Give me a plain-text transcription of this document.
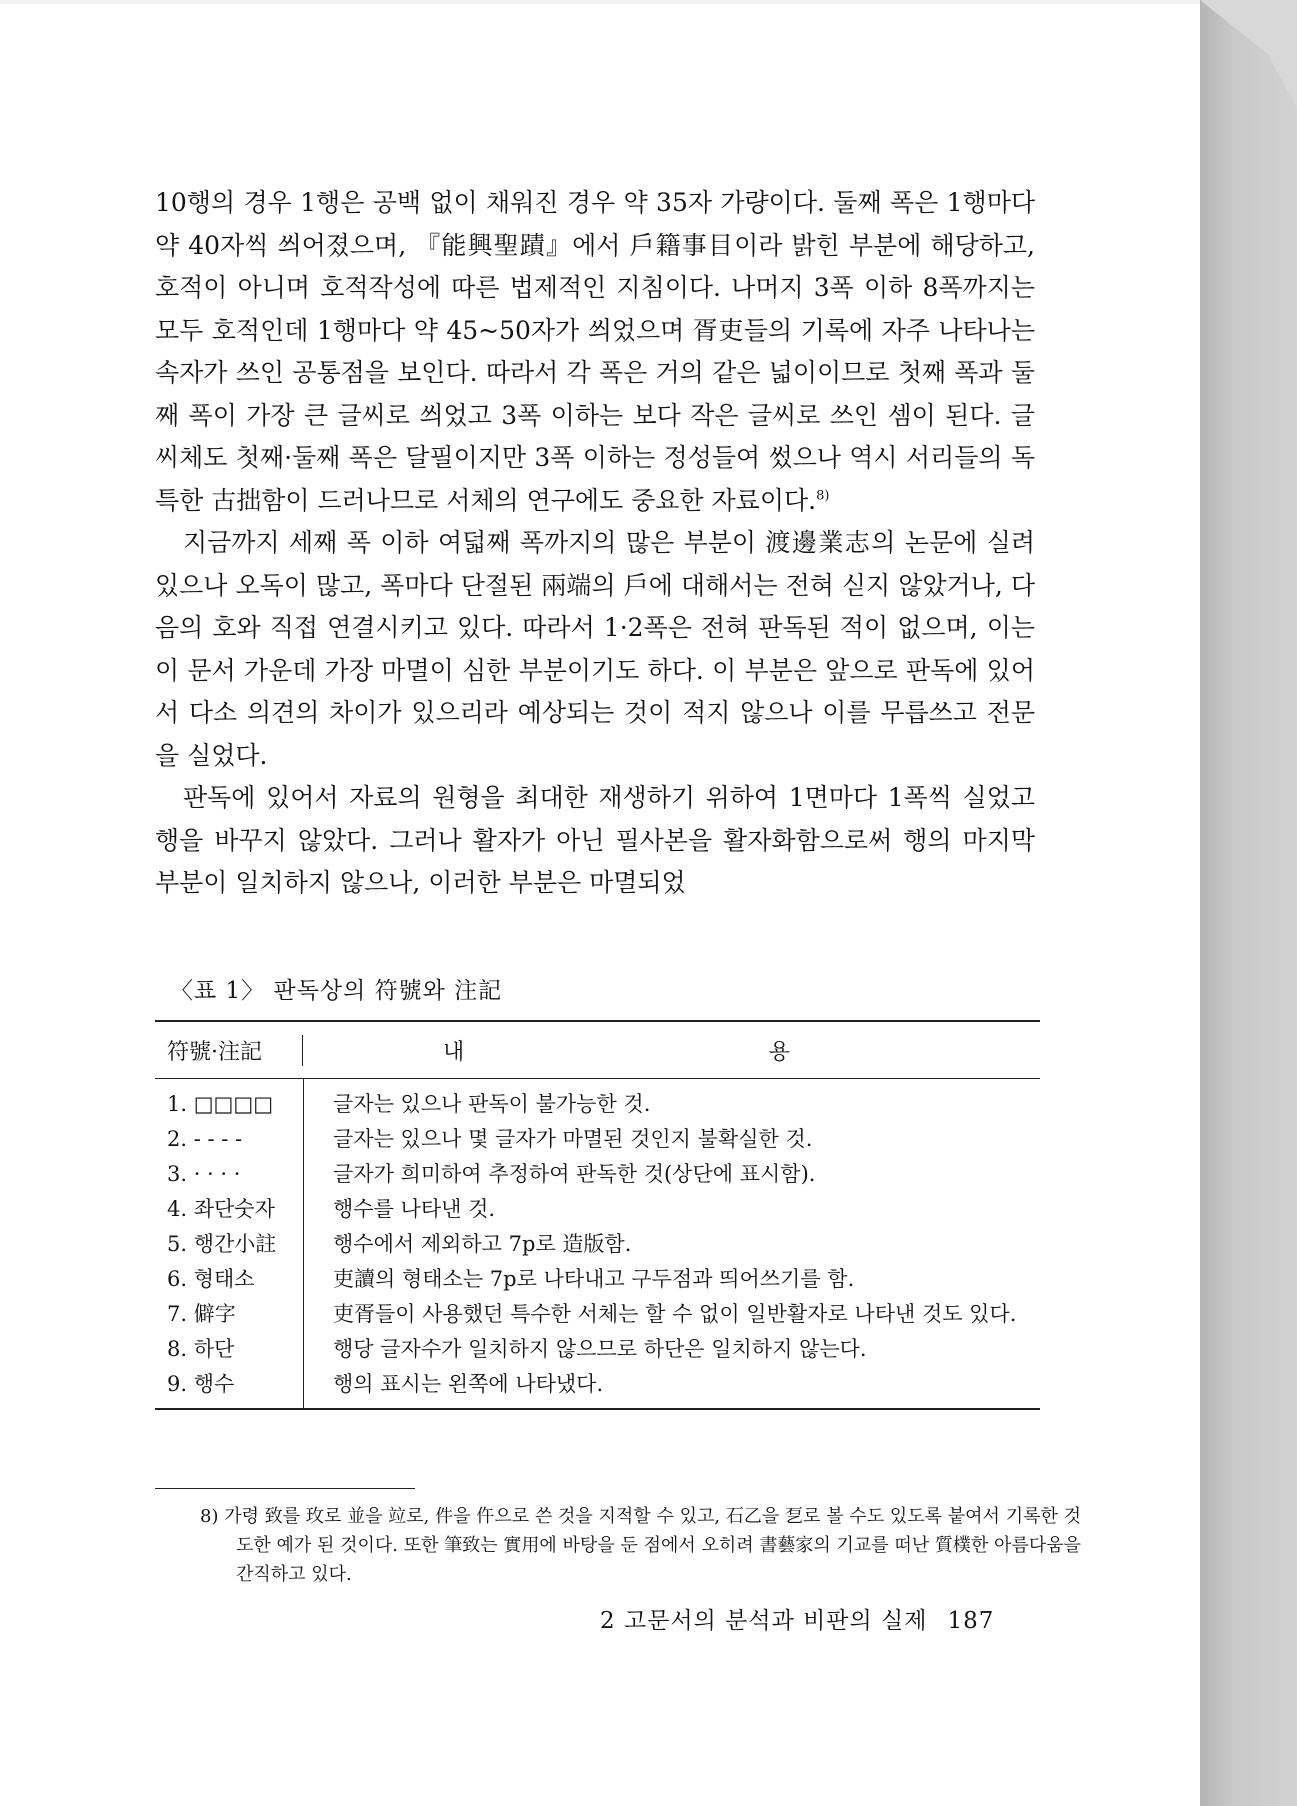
10행의 경우 1행은 공백 없이 채워진 경우 약 35자 가량이다. 둘째 폭은 1행마다 약 40자씩 씌어졌으며, 『能興聖蹟』에서 戶籍事目이라 밝힌 부분에 해당하고, 호적이 아니며 호적작성에 따른 법제적인 지침이다. 나머지 3폭 이하 8폭까지는 모두 호적인데 1행마다 약 45~50자가 씌었으며 胥吏들의 기록에 자주 나타나는 속자가 쓰인 공통점을 보인다. 따라서 각 폭은 거의 같은 넓이이므로 첫째 폭과 둘째 폭이 가장 큰 글씨로 씌었고 3폭 이하는 보다 작은 글씨로 쓰인 셈이 된다. 글씨체도 첫째·둘째 폭은 달필이지만 3폭 이하는 정성들여 썼으나 역시 서리들의 독특한 古拙함이 드러나므로 서체의 연구에도 중요한 자료이다.$^{8)}$

지금까지 세째 폭 이하 여덟째 폭까지의 많은 부분이 渡邊業志의 논문에 실려 있으나 오독이 많고, 폭마다 단절된 兩端의 戶에 대해서는 전혀 싣지 않았거나, 다음의 호와 직접 연결시키고 있다. 따라서 1·2폭은 전혀 판독된 적이 없으며, 이는 이 문서 가운데 가장 마멸이 심한 부분이기도 하다. 이 부분은 앞으로 판독에 있어서 다소 의견의 차이가 있으리라 예상되는 것이 적지 않으나 이를 무릅쓰고 전문을 실었다.

판독에 있어서 자료의 원형을 최대한 재생하기 위하여 1면마다 1폭씩 실었고 행을 바꾸지 않았다. 그러나 활자가 아닌 필사본을 활자화함으로써 행의 마지막 부분이 일치하지 않으나, 이러한 부분은 마멸되었

〈표 1〉 판독상의 符號와 注記
符號·注記	내	용
1. □□□□	글자는 있으나 판독이 불가능한 것.
2. - - - -	글자는 있으나 몇 글자가 마멸된 것인지 불확실한 것.
3. · · · ·	글자가 희미하여 추정하여 판독한 것(상단에 표시함).
4. 좌단숫자	행수를 나타낸 것.
5. 행간小註	행수에서 제외하고 7p로 造版함.
6. 형태소	吏讀의 형태소는 7p로 나타내고 구두점과 띄어쓰기를 함.
7. 僻字	吏胥들이 사용했던 특수한 서체는 할 수 없이 일반활자로 나타낸 것도 있다.
8. 하단	행당 글자수가 일치하지 않으므로 하단은 일치하지 않는다.
9. 행수	행의 표시는 왼쪽에 나타냈다.
8) 가령 致를 玫로 並을 竝로, 件을 仵으로 쓴 것을 지적할 수 있고, 石乙을 乭로 볼 수도 있도록 붙여서 기록한 것도한 예가 된 것이다. 또한 筆致는 實用에 바탕을 둔 점에서 오히려 書藝家의 기교를 떠난 質樸한 아름다움을 간직하고 있다.
2 고문서의 분석과 비판의 실제 187
